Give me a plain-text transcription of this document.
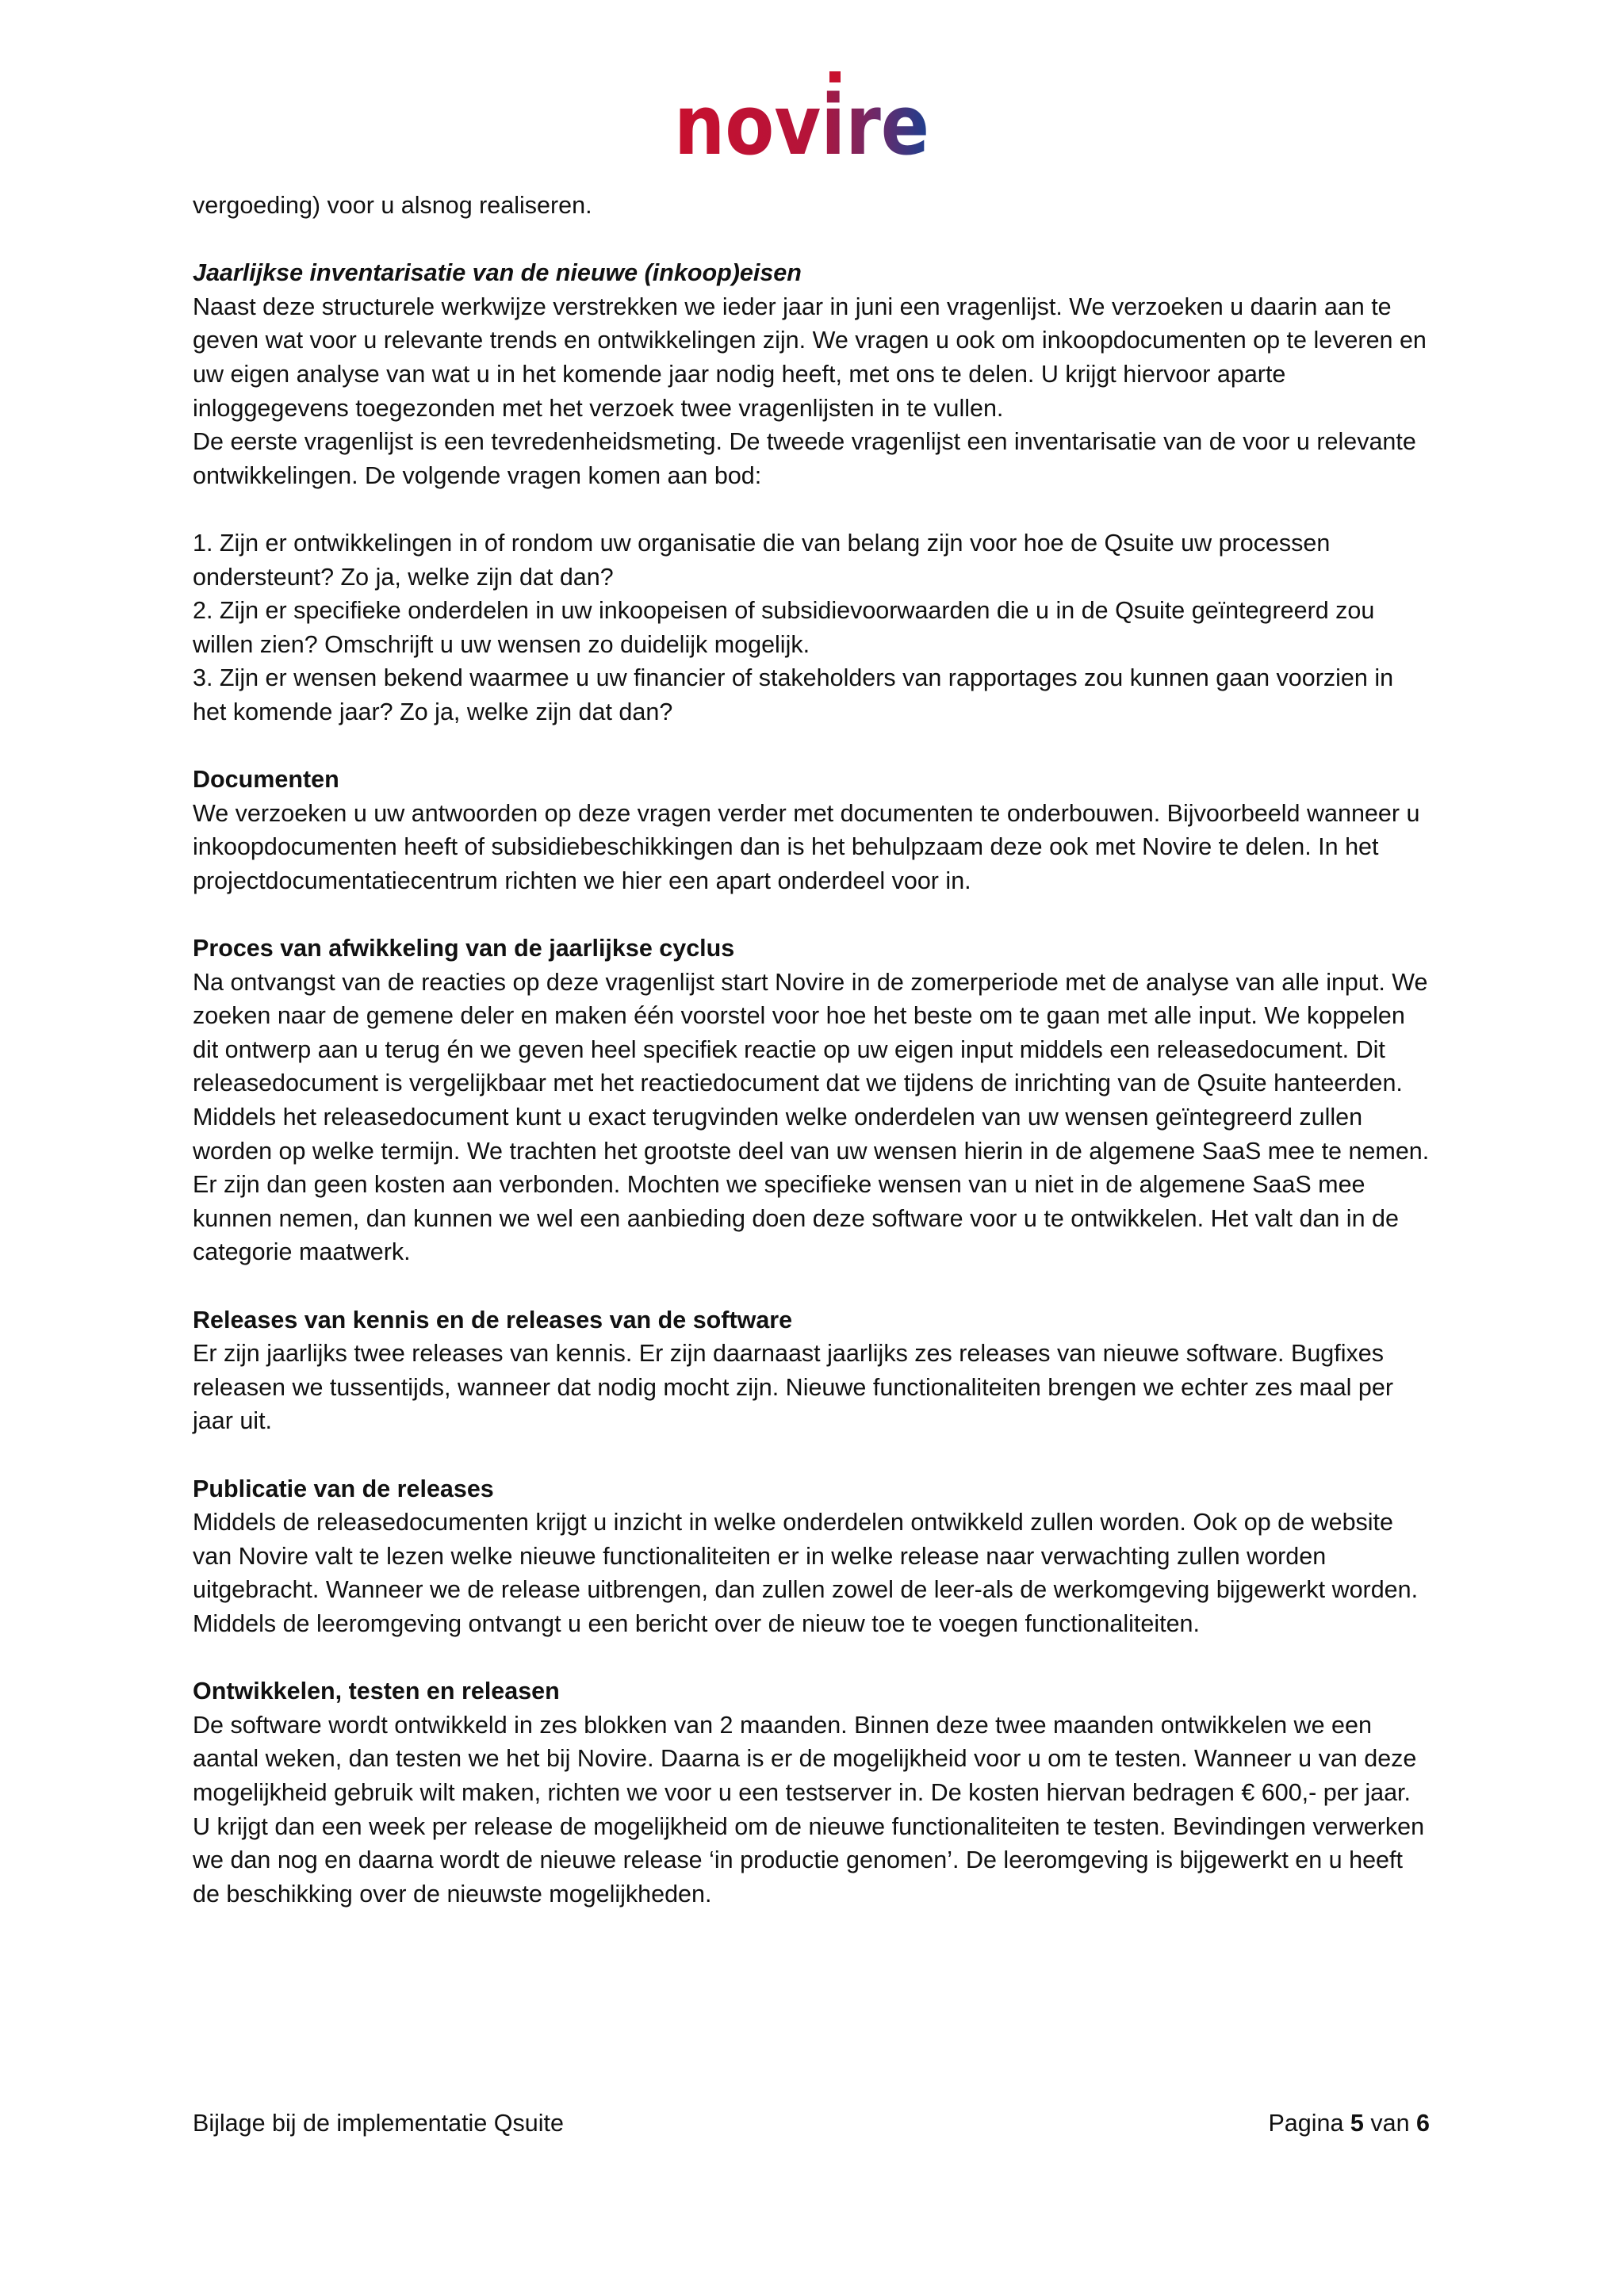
novire

vergoeding) voor u alsnog realiseren.

Jaarlijkse inventarisatie van de nieuwe (inkoop)eisen

Naast deze structurele werkwijze verstrekken we ieder jaar in juni een vragenlijst. We verzoeken u daarin aan te geven wat voor u relevante trends en ontwikkelingen zijn. We vragen u ook om inkoopdocumenten op te leveren en uw eigen analyse van wat u in het komende jaar nodig heeft, met ons te delen. U krijgt hiervoor aparte inloggegevens toegezonden met het verzoek twee vragenlijsten in te vullen.

De eerste vragenlijst is een tevredenheidsmeting. De tweede vragenlijst een inventarisatie van de voor u relevante ontwikkelingen. De volgende vragen komen aan bod:

1. Zijn er ontwikkelingen in of rondom uw organisatie die van belang zijn voor hoe de Qsuite uw processen ondersteunt? Zo ja, welke zijn dat dan?

2. Zijn er specifieke onderdelen in uw inkoopeisen of subsidievoorwaarden die u in de Qsuite geïntegreerd zou willen zien? Omschrijft u uw wensen zo duidelijk mogelijk.

3. Zijn er wensen bekend waarmee u uw financier of stakeholders van rapportages zou kunnen gaan voorzien in het komende jaar? Zo ja, welke zijn dat dan?

Documenten

We verzoeken u uw antwoorden op deze vragen verder met documenten te onderbouwen. Bijvoorbeeld wanneer u inkoopdocumenten heeft of subsidiebeschikkingen dan is het behulpzaam deze ook met Novire te delen. In het projectdocumentatiecentrum richten we hier een apart onderdeel voor in.

Proces van afwikkeling van de jaarlijkse cyclus

Na ontvangst van de reacties op deze vragenlijst start Novire in de zomerperiode met de analyse van alle input. We zoeken naar de gemene deler en maken één voorstel voor hoe het beste om te gaan met alle input. We koppelen dit ontwerp aan u terug én we geven heel specifiek reactie op uw eigen input middels een releasedocument. Dit releasedocument is vergelijkbaar met het reactiedocument dat we tijdens de inrichting van de Qsuite hanteerden.

Middels het releasedocument kunt u exact terugvinden welke onderdelen van uw wensen geïntegreerd zullen worden op welke termijn. We trachten het grootste deel van uw wensen hierin in de algemene SaaS mee te nemen. Er zijn dan geen kosten aan verbonden. Mochten we specifieke wensen van u niet in de algemene SaaS mee kunnen nemen, dan kunnen we wel een aanbieding doen deze software voor u te ontwikkelen. Het valt dan in de categorie maatwerk.

Releases van kennis en de releases van de software

Er zijn jaarlijks twee releases van kennis. Er zijn daarnaast jaarlijks zes releases van nieuwe software. Bugfixes releasen we tussentijds, wanneer dat nodig mocht zijn. Nieuwe functionaliteiten brengen we echter zes maal per jaar uit.

Publicatie van de releases

Middels de releasedocumenten krijgt u inzicht in welke onderdelen ontwikkeld zullen worden. Ook op de website van Novire valt te lezen welke nieuwe functionaliteiten er in welke release naar verwachting zullen worden uitgebracht. Wanneer we de release uitbrengen, dan zullen zowel de leer-als de werkomgeving bijgewerkt worden. Middels de leeromgeving ontvangt u een bericht over de nieuw toe te voegen functionaliteiten.

Ontwikkelen, testen en releasen

De software wordt ontwikkeld in zes blokken van 2 maanden. Binnen deze twee maanden ontwikkelen we een aantal weken, dan testen we het bij Novire. Daarna is er de mogelijkheid voor u om te testen. Wanneer u van deze mogelijkheid gebruik wilt maken, richten we voor u een testserver in. De kosten hiervan bedragen € 600,- per jaar. U krijgt dan een week per release de mogelijkheid om de nieuwe functionaliteiten te testen. Bevindingen verwerken we dan nog en daarna wordt de nieuwe release ‘in productie genomen’. De leeromgeving is bijgewerkt en u heeft de beschikking over de nieuwste mogelijkheden.

Bijlage bij de implementatie Qsuite	Pagina 5 van 6
